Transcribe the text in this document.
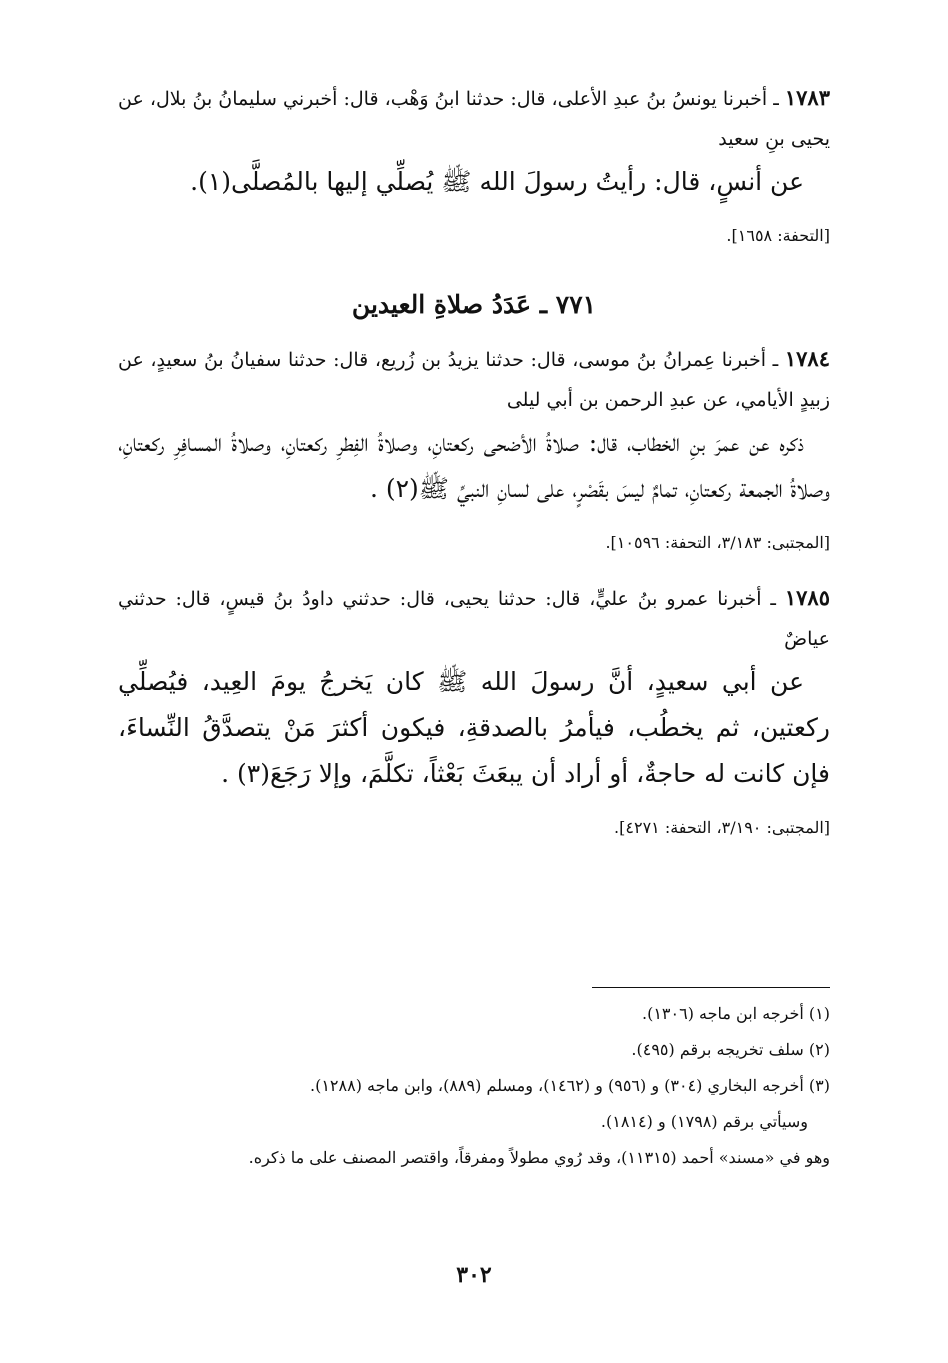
١٧٨٣ ـ أخبرنا يونسُ بنُ عبدِ الأعلى، قال: حدثنا ابنُ وَهْب، قال: أخبرني سليمانُ بنُ بلال، عن يحيى بنِ سعيد

عن أنسٍ، قال: رأيتُ رسولَ الله ﷺ يُصلِّي إليها بالمُصلَّى(١).

[التحفة: ١٦٥٨].

٧٧١ ـ عَدَدُ صلاةِ العيدين

١٧٨٤ ـ أخبرنا عِمرانُ بنُ موسى، قال: حدثنا يزيدُ بن زُريع، قال: حدثنا سفيانُ بنُ سعيدٍ، عن زبيدٍ الأيامي، عن عبدِ الرحمن بن أبي ليلى

ذكره عن عمرَ بنِ الخطاب، قال: صلاةُ الأضحى ركعتانِ، وصلاةُ الفِطرِ ركعتانِ، وصلاةُ المسافِرِ ركعتانِ، وصلاةُ الجمعة ركعتانِ، تمامٌ ليسَ بقَصْرٍ، على لسانِ النبيِّ ﷺ(٢) .

[المجتبى: ٣/١٨٣، التحفة: ١٠٥٩٦].

١٧٨٥ ـ أخبرنا عمرو بنُ عليٍّ، قال: حدثنا يحيى، قال: حدثني داودُ بنُ قيسٍ، قال: حدثني عياضٌ

عن أبي سعيدٍ، أنَّ رسولَ الله ﷺ كان يَخرجُ يومَ العِيد، فيُصلِّي ركعتين، ثم يخطُب، فيأمرُ بالصدقةِ، فيكون أكثرَ مَنْ يتصدَّقُ النِّساءَ، فإن كانت له حاجةٌ، أو أراد أن يبعَثَ بَعْثاً، تكلَّمَ، وإلا رَجَعَ(٣) .

[المجتبى: ٣/١٩٠، التحفة: ٤٢٧١].

(١) أخرجه ابن ماجه (١٣٠٦).

(٢) سلف تخريجه برقم (٤٩٥).

(٣) أخرجه البخاري (٣٠٤) و (٩٥٦) و (١٤٦٢)، ومسلم (٨٨٩)، وابن ماجه (١٢٨٨).

وسيأتي برقم (١٧٩٨) و (١٨١٤).

وهو في «مسند» أحمد (١١٣١٥)، وقد رُوي مطولاً ومفرقاً، واقتصر المصنف على ما ذكره.

٣٠٢
